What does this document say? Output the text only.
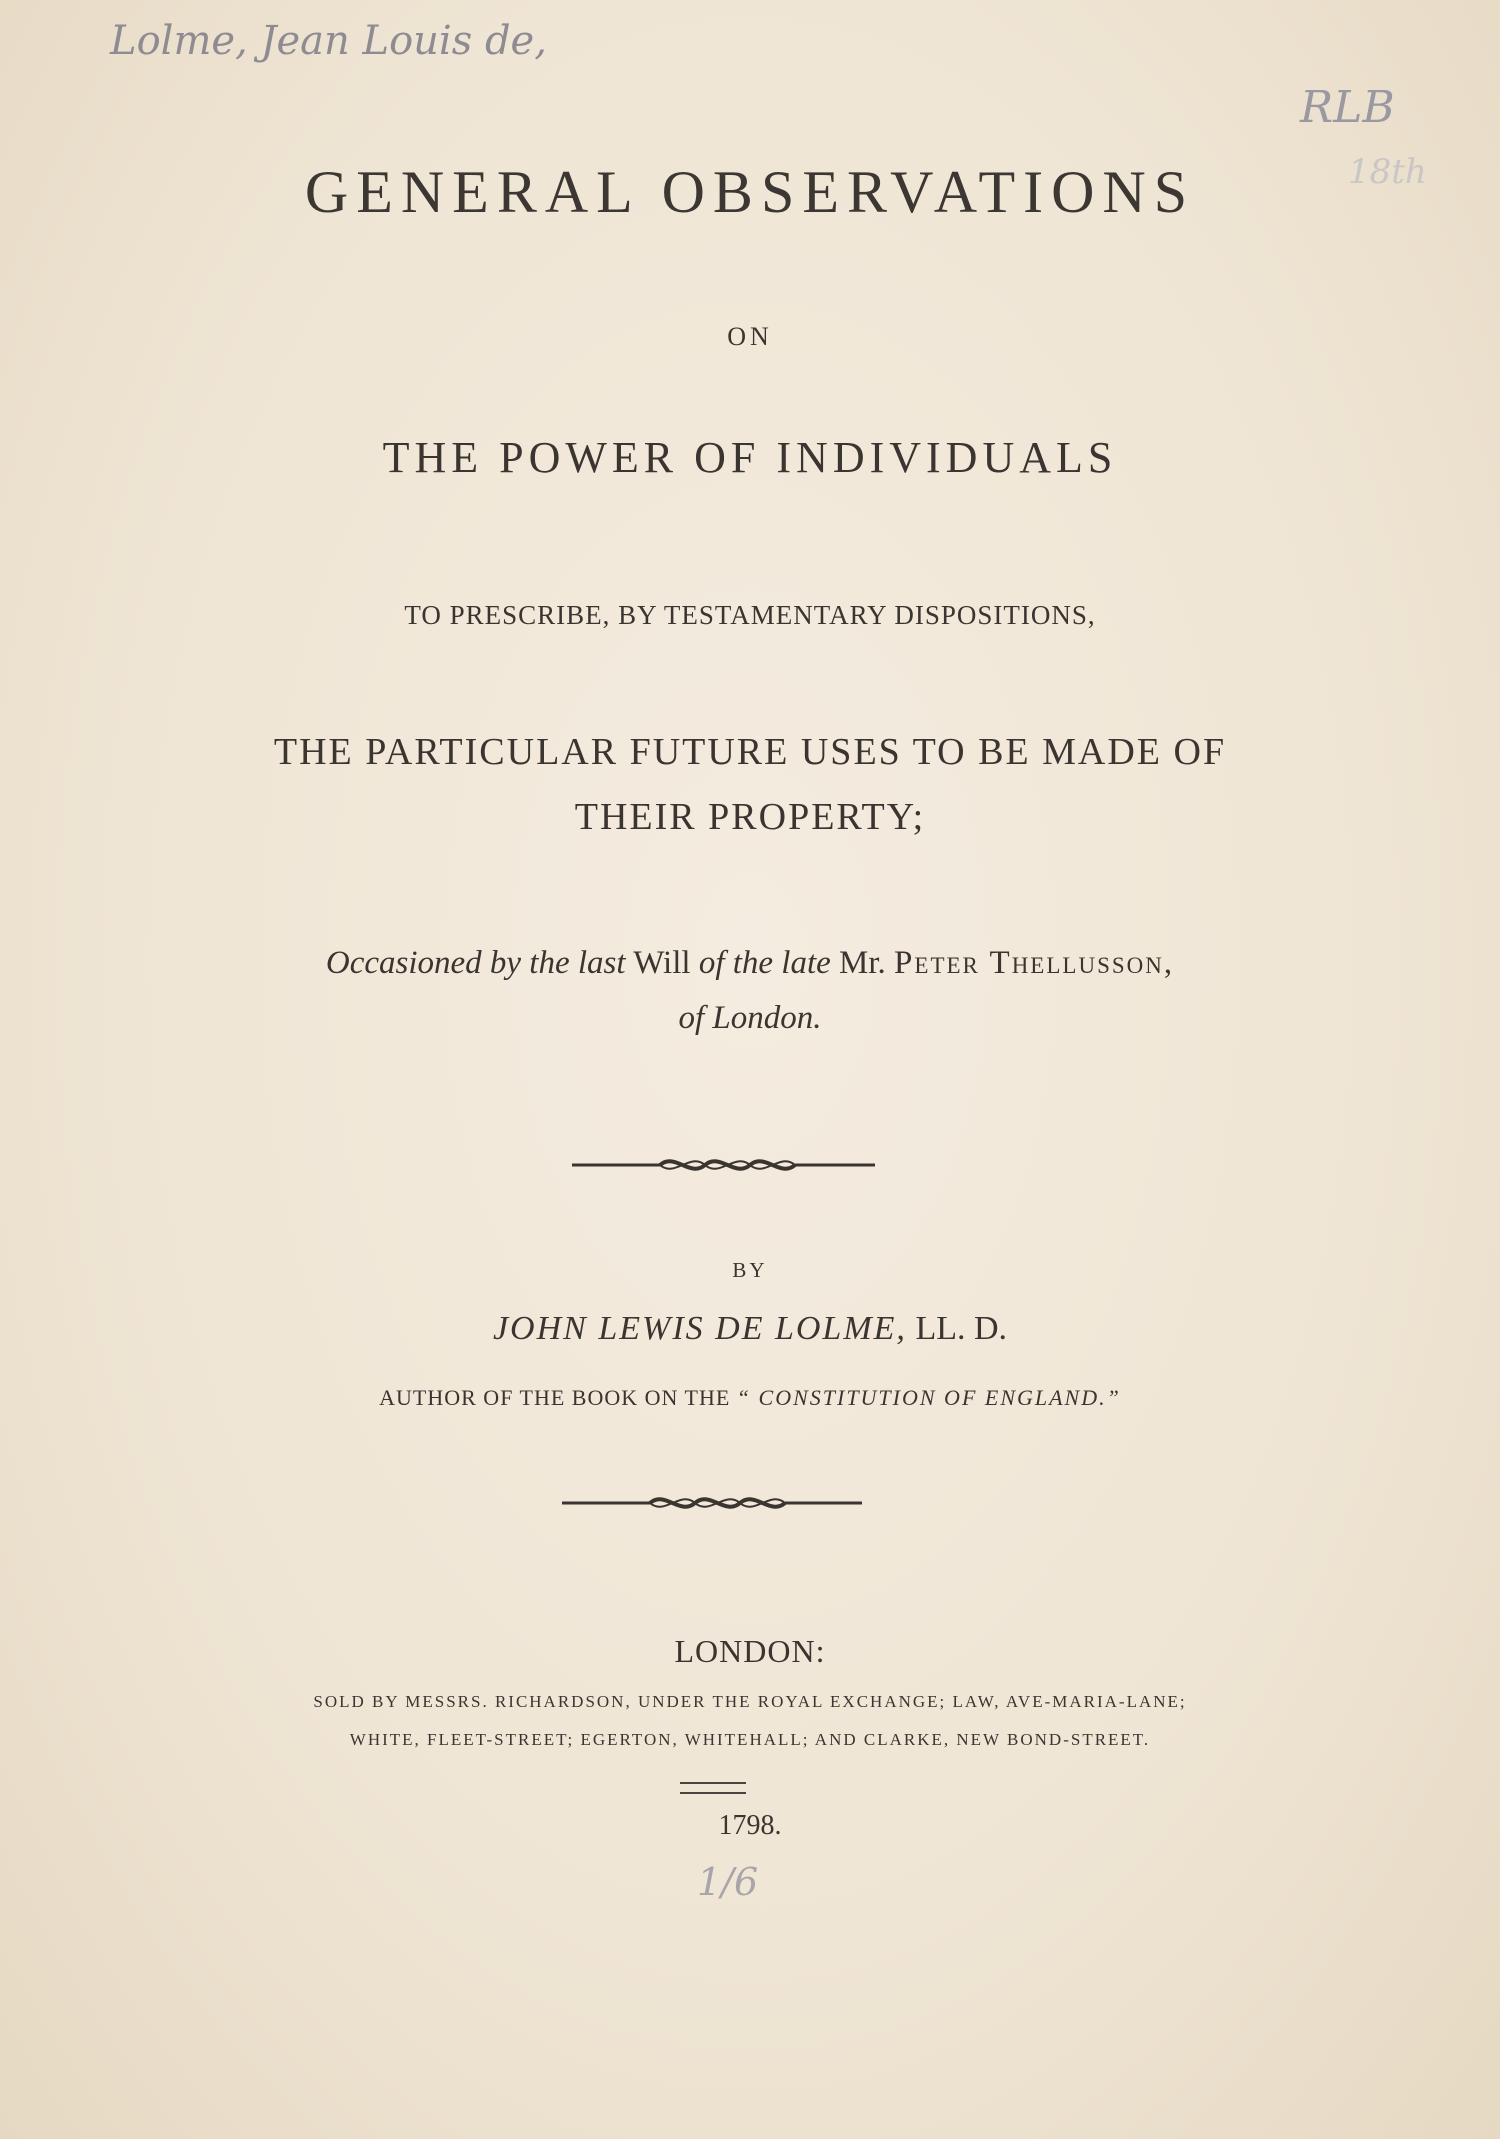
Lolme, Jean Louis de,
RLB
18th
1/6
GENERAL OBSERVATIONS
ON
THE POWER OF INDIVIDUALS
TO PRESCRIBE, BY TESTAMENTARY DISPOSITIONS,
THE PARTICULAR FUTURE USES TO BE MADE OF
THEIR PROPERTY;
Occasioned by the last Will of the late Mr. Peter Thellusson,
of London.
BY
JOHN LEWIS DE LOLME, LL. D.
AUTHOR OF THE BOOK ON THE “ CONSTITUTION OF ENGLAND.”
LONDON:
SOLD BY MESSRS. RICHARDSON, UNDER THE ROYAL EXCHANGE; LAW, AVE-MARIA-LANE;
WHITE, FLEET-STREET; EGERTON, WHITEHALL; AND CLARKE, NEW BOND-STREET.
1798.
